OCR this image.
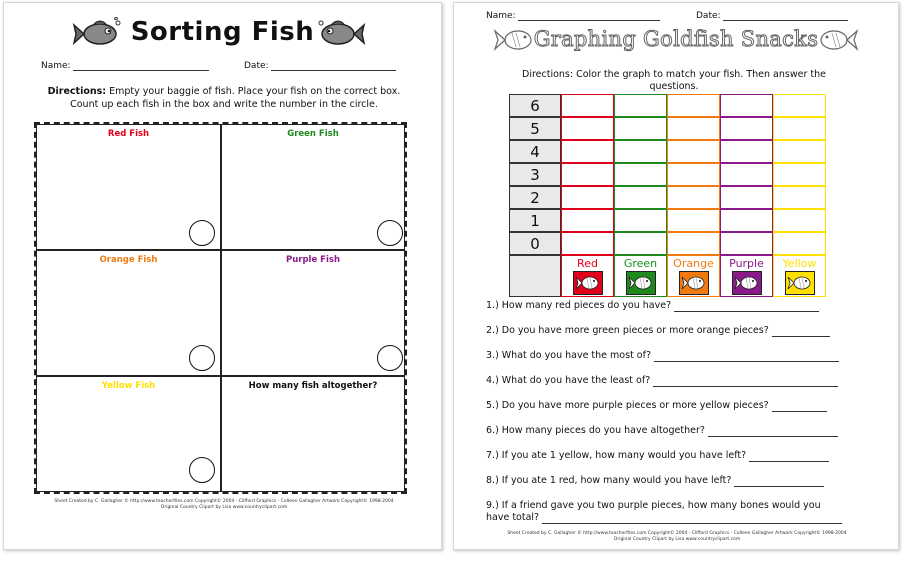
Sorting Fish
Name:	Date:
Directions: Empty your baggie of fish. Place your fish on the correct box.
Count up each fish in the box and write the number in the circle.
Red Fish	Green Fish
Orange Fish	Purple Fish
Yellow Fish	How many fish altogether?
Sheet Created by C. Gallagher © http://www.teacherfiles.com Copyright© 2004 - Clifford Graphics - Colleen Gallagher Artwork Copyright© 1998-2004
Original Country Clipart by Lisa www.countryclipart.com
Name:	Date:
Graphing Goldfish Snacks
Directions: Color the graph to match your fish. Then answer the questions.
6
5
4
3
2
1
0
Red	Green	Orange	Purple	Yellow
1.) How many red pieces do you have?
2.) Do you have more green pieces or more orange pieces?
3.) What do you have the most of?
4.) What do you have the least of?
5.) Do you have more purple pieces or more yellow pieces?
6.) How many pieces do you have altogether?
7.) If you ate 1 yellow, how many would you have left?
8.) If you ate 1 red, how many would you have left?
9.) If a friend gave you two purple pieces, how many bones would you
have total?
Sheet Created by C. Gallagher © http://www.teacherfiles.com Copyright© 2004 - Clifford Graphics - Colleen Gallagher Artwork Copyright© 1998-2004
Original Country Clipart by Lisa www.countryclipart.com
